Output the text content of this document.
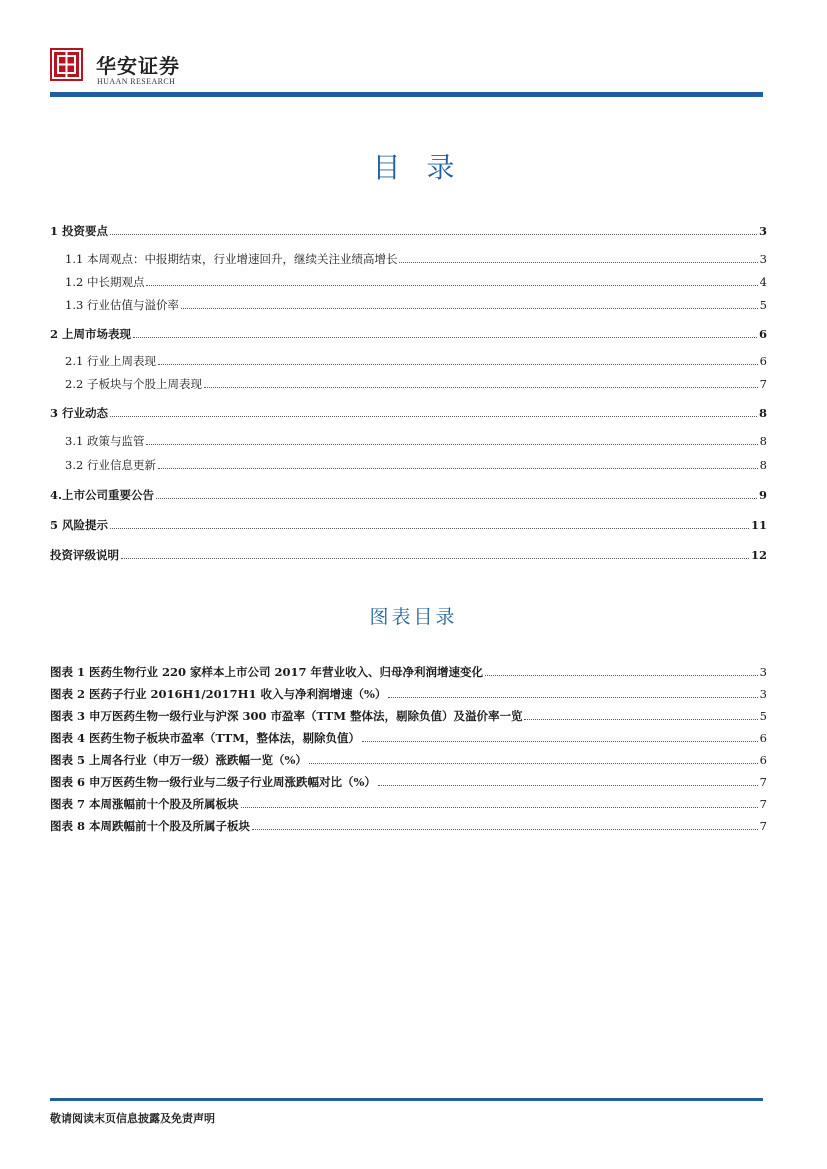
华安证券
HUAAN RESEARCH
目录
1 投资要点	3
1.1 本周观点：中报期结束，行业增速回升，继续关注业绩高增长	3
1.2 中长期观点	4
1.3 行业估值与溢价率	5
2 上周市场表现	6
2.1 行业上周表现	6
2.2 子板块与个股上周表现	7
3 行业动态	8
3.1 政策与监管	8
3.2 行业信息更新	8
4.上市公司重要公告	9
5 风险提示	11
投资评级说明	12
图表目录
图表 1 医药生物行业 220 家样本上市公司 2017 年营业收入、归母净利润增速变化	3
图表 2 医药子行业 2016H1/2017H1 收入与净利润增速（%）	3
图表 3 申万医药生物一级行业与沪深 300 市盈率（TTM 整体法，剔除负值）及溢价率一览	5
图表 4 医药生物子板块市盈率（TTM，整体法，剔除负值）	6
图表 5 上周各行业（申万一级）涨跌幅一览（%）	6
图表 6 申万医药生物一级行业与二级子行业周涨跌幅对比（%）	7
图表 7 本周涨幅前十个股及所属板块	7
图表 8 本周跌幅前十个股及所属子板块	7
敬请阅读末页信息披露及免责声明
